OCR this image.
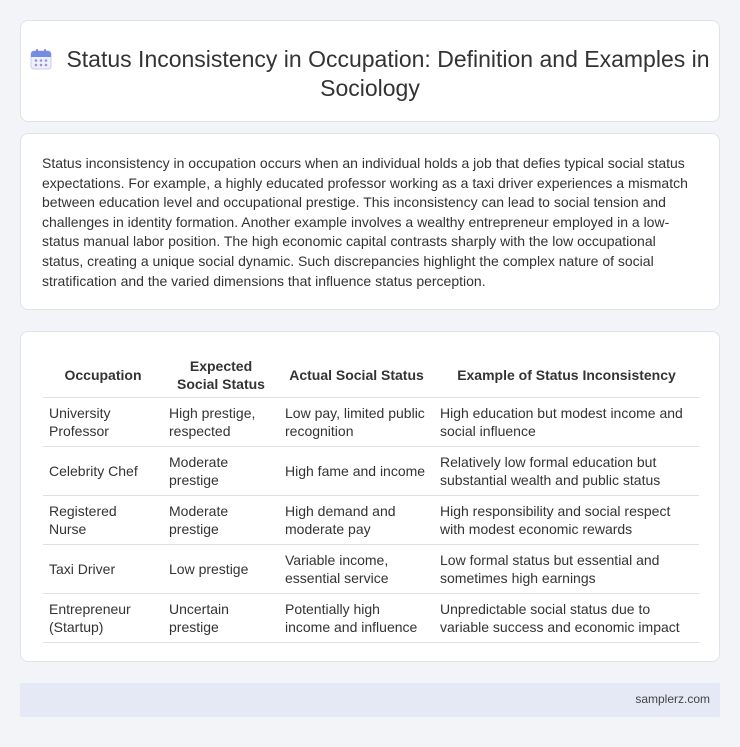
Status Inconsistency in Occupation: Definition and Examples in Sociology

Status inconsistency in occupation occurs when an individual holds a job that defies typical social status expectations. For example, a highly educated professor working as a taxi driver experiences a mismatch between education level and occupational prestige. This inconsistency can lead to social tension and challenges in identity formation. Another example involves a wealthy entrepreneur employed in a low-status manual labor position. The high economic capital contrasts sharply with the low occupational status, creating a unique social dynamic. Such discrepancies highlight the complex nature of social stratification and the varied dimensions that influence status perception.

Occupation	Expected Social Status	Actual Social Status	Example of Status Inconsistency
University Professor	High prestige, respected	Low pay, limited public recognition	High education but modest income and social influence
Celebrity Chef	Moderate prestige	High fame and income	Relatively low formal education but substantial wealth and public status
Registered Nurse	Moderate prestige	High demand and moderate pay	High responsibility and social respect with modest economic rewards
Taxi Driver	Low prestige	Variable income, essential service	Low formal status but essential and sometimes high earnings
Entrepreneur (Startup)	Uncertain prestige	Potentially high income and influence	Unpredictable social status due to variable success and economic impact
samplerz.com
